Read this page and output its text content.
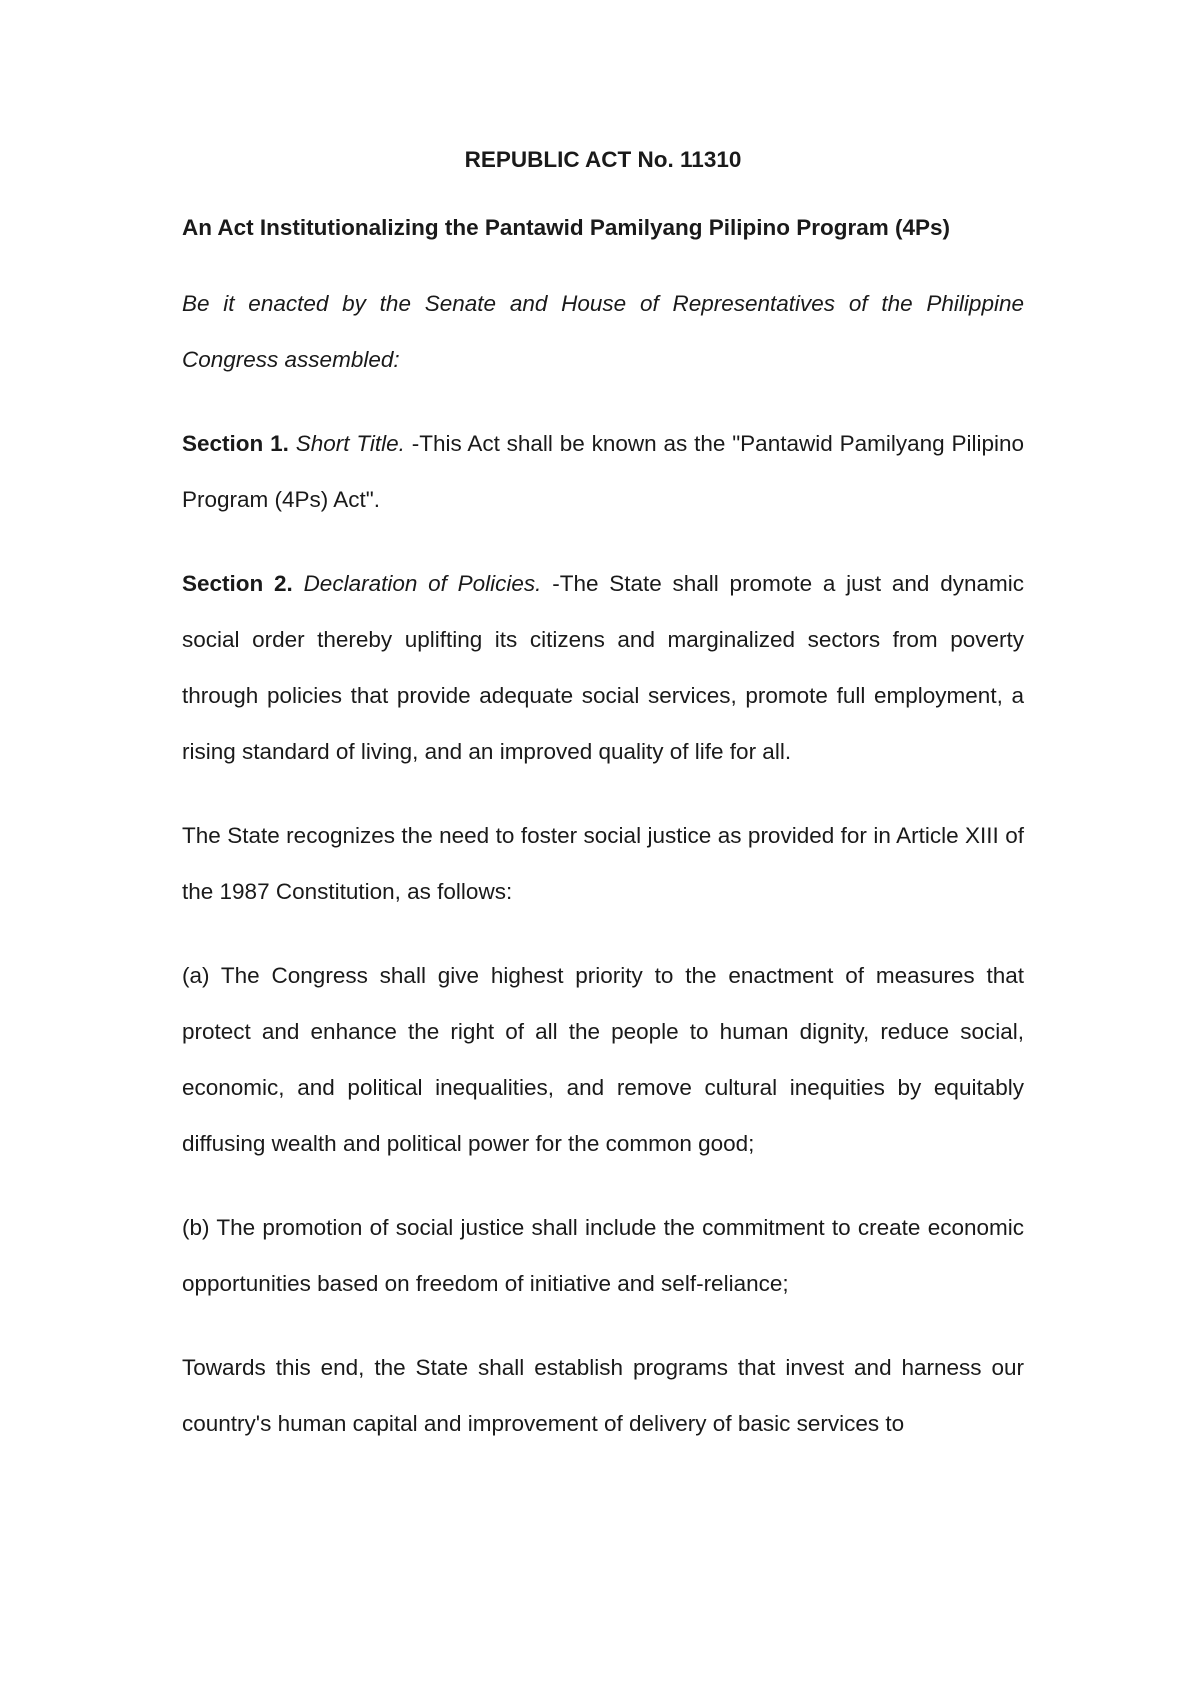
REPUBLIC ACT No. 11310
An Act Institutionalizing the Pantawid Pamilyang Pilipino Program (4Ps)

Be it enacted by the Senate and House of Representatives of the Philippine Congress assembled:

Section 1. Short Title. -This Act shall be known as the "Pantawid Pamilyang Pilipino Program (4Ps) Act".

Section 2. Declaration of Policies. -The State shall promote a just and dynamic social order thereby uplifting its citizens and marginalized sectors from poverty through policies that provide adequate social services, promote full employment, a rising standard of living, and an improved quality of life for all.

The State recognizes the need to foster social justice as provided for in Article XIII of the 1987 Constitution, as follows:

(a) The Congress shall give highest priority to the enactment of measures that protect and enhance the right of all the people to human dignity, reduce social, economic, and political inequalities, and remove cultural inequities by equitably diffusing wealth and political power for the common good;

(b) The promotion of social justice shall include the commitment to create economic opportunities based on freedom of initiative and self-reliance;

Towards this end, the State shall establish programs that invest and harness our country's human capital and improvement of delivery of basic services to
